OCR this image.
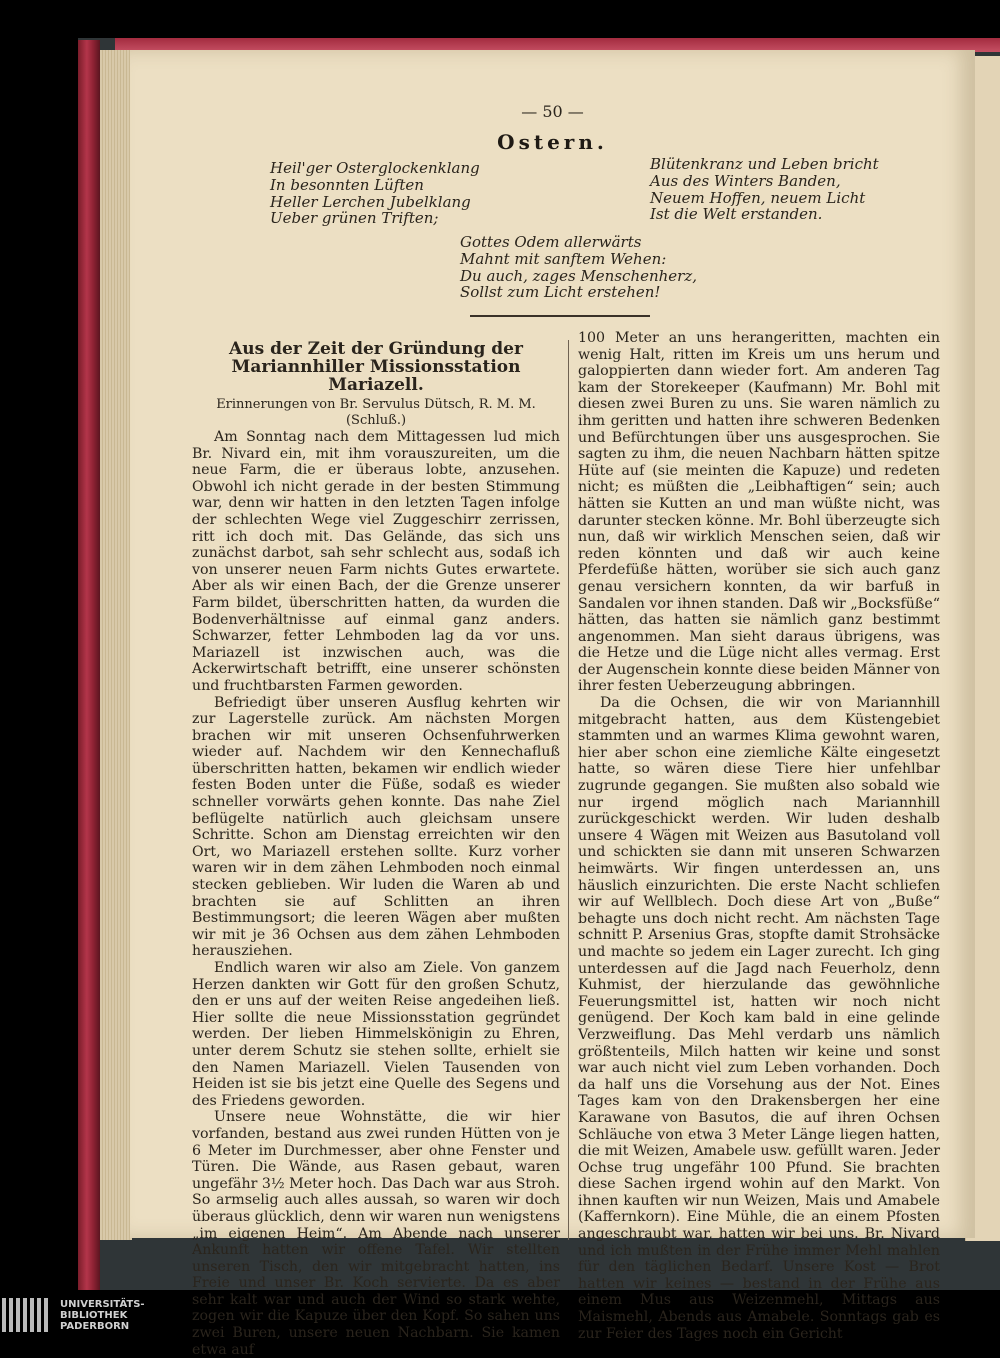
— 50 —
Ostern.
Heil'ger Osterglockenklang
In besonnten Lüften
Heller Lerchen Jubelklang
Ueber grünen Triften;
Blütenkranz und Leben bricht
Aus des Winters Banden,
Neuem Hoffen, neuem Licht
Ist die Welt erstanden.
Gottes Odem allerwärts
Mahnt mit sanftem Wehen:
Du auch, zages Menschenherz,
Sollst zum Licht erstehen!
Aus der Zeit der Gründung der Mariannhiller Missionsstation Mariazell.
Erinnerungen von Br. Servulus Dütsch, R. M. M.
(Schluß.)

Am Sonntag nach dem Mittagessen lud mich Br. Nivard ein, mit ihm vorauszureiten, um die neue Farm, die er überaus lobte, anzusehen. Obwohl ich nicht gerade in der besten Stimmung war, denn wir hatten in den letzten Tagen infolge der schlechten Wege viel Zuggeschirr zerrissen, ritt ich doch mit. Das Gelände, das sich uns zunächst darbot, sah sehr schlecht aus, sodaß ich von unserer neuen Farm nichts Gutes erwartete. Aber als wir einen Bach, der die Grenze unserer Farm bildet, überschritten hatten, da wurden die Bodenverhältnisse auf einmal ganz anders. Schwarzer, fetter Lehmboden lag da vor uns. Mariazell ist inzwischen auch, was die Ackerwirtschaft betrifft, eine unserer schönsten und fruchtbarsten Farmen geworden.

Befriedigt über unseren Ausflug kehrten wir zur Lagerstelle zurück. Am nächsten Morgen brachen wir mit unseren Ochsenfuhrwerken wieder auf. Nachdem wir den Kennechafluß überschritten hatten, bekamen wir endlich wieder festen Boden unter die Füße, sodaß es wieder schneller vorwärts gehen konnte. Das nahe Ziel beflügelte natürlich auch gleichsam unsere Schritte. Schon am Dienstag erreichten wir den Ort, wo Mariazell erstehen sollte. Kurz vorher waren wir in dem zähen Lehmboden noch einmal stecken geblieben. Wir luden die Waren ab und brachten sie auf Schlitten an ihren Bestimmungsort; die leeren Wägen aber mußten wir mit je 36 Ochsen aus dem zähen Lehmboden herausziehen.

Endlich waren wir also am Ziele. Von ganzem Herzen dankten wir Gott für den großen Schutz, den er uns auf der weiten Reise angedeihen ließ. Hier sollte die neue Missionsstation gegründet werden. Der lieben Himmelskönigin zu Ehren, unter derem Schutz sie stehen sollte, erhielt sie den Namen Mariazell. Vielen Tausenden von Heiden ist sie bis jetzt eine Quelle des Segens und des Friedens geworden.

Unsere neue Wohnstätte, die wir hier vorfanden, bestand aus zwei runden Hütten von je 6 Meter im Durchmesser, aber ohne Fenster und Türen. Die Wände, aus Rasen gebaut, waren ungefähr 3½ Meter hoch. Das Dach war aus Stroh. So armselig auch alles aussah, so waren wir doch überaus glücklich, denn wir waren nun wenigstens „im eigenen Heim“. Am Abende nach unserer Ankunft hatten wir offene Tafel. Wir stellten unseren Tisch, den wir mitgebracht hatten, ins Freie und unser Br. Koch servierte. Da es aber sehr kalt war und auch der Wind so stark wehte, zogen wir die Kapuze über den Kopf. So sahen uns zwei Buren, unsere neuen Nachbarn. Sie kamen etwa auf

100 Meter an uns herangeritten, machten ein wenig Halt, ritten im Kreis um uns herum und galoppierten dann wieder fort. Am anderen Tag kam der Storekeeper (Kaufmann) Mr. Bohl mit diesen zwei Buren zu uns. Sie waren nämlich zu ihm geritten und hatten ihre schweren Bedenken und Befürchtungen über uns ausgesprochen. Sie sagten zu ihm, die neuen Nachbarn hätten spitze Hüte auf (sie meinten die Kapuze) und redeten nicht; es müßten die „Leibhaftigen“ sein; auch hätten sie Kutten an und man wüßte nicht, was darunter stecken könne. Mr. Bohl überzeugte sich nun, daß wir wirklich Menschen seien, daß wir reden könnten und daß wir auch keine Pferdefüße hätten, worüber sie sich auch ganz genau versichern konnten, da wir barfuß in Sandalen vor ihnen standen. Daß wir „Bocksfüße“ hätten, das hatten sie nämlich ganz bestimmt angenommen. Man sieht daraus übrigens, was die Hetze und die Lüge nicht alles vermag. Erst der Augenschein konnte diese beiden Männer von ihrer festen Ueberzeugung abbringen.

Da die Ochsen, die wir von Mariannhill mitgebracht hatten, aus dem Küstengebiet stammten und an warmes Klima gewohnt waren, hier aber schon eine ziemliche Kälte eingesetzt hatte, so wären diese Tiere hier unfehlbar zugrunde gegangen. Sie mußten also sobald wie nur irgend möglich nach Mariannhill zurückgeschickt werden. Wir luden deshalb unsere 4 Wägen mit Weizen aus Basutoland voll und schickten sie dann mit unseren Schwarzen heimwärts. Wir fingen unterdessen an, uns häuslich einzurichten. Die erste Nacht schliefen wir auf Wellblech. Doch diese Art von „Buße“ behagte uns doch nicht recht. Am nächsten Tage schnitt P. Arsenius Gras, stopfte damit Strohsäcke und machte so jedem ein Lager zurecht. Ich ging unterdessen auf die Jagd nach Feuerholz, denn Kuhmist, der hierzulande das gewöhnliche Feuerungsmittel ist, hatten wir noch nicht genügend. Der Koch kam bald in eine gelinde Verzweiflung. Das Mehl verdarb uns nämlich größtenteils, Milch hatten wir keine und sonst war auch nicht viel zum Leben vorhanden. Doch da half uns die Vorsehung aus der Not. Eines Tages kam von den Drakensbergen her eine Karawane von Basutos, die auf ihren Ochsen Schläuche von etwa 3 Meter Länge liegen hatten, die mit Weizen, Amabele usw. gefüllt waren. Jeder Ochse trug ungefähr 100 Pfund. Sie brachten diese Sachen irgend wohin auf den Markt. Von ihnen kauften wir nun Weizen, Mais und Amabele (Kaffernkorn). Eine Mühle, die an einem Pfosten angeschraubt war, hatten wir bei uns. Br. Nivard und ich mußten in der Frühe immer Mehl mahlen für den täglichen Bedarf. Unsere Kost — Brot hatten wir keines — bestand in der Frühe aus einem Mus aus Weizenmehl, Mittags aus Maismehl, Abends aus Amabele. Sonntags gab es zur Feier des Tages noch ein Gericht

UNIVERSITÄTS-
BIBLIOTHEK
PADERBORN
